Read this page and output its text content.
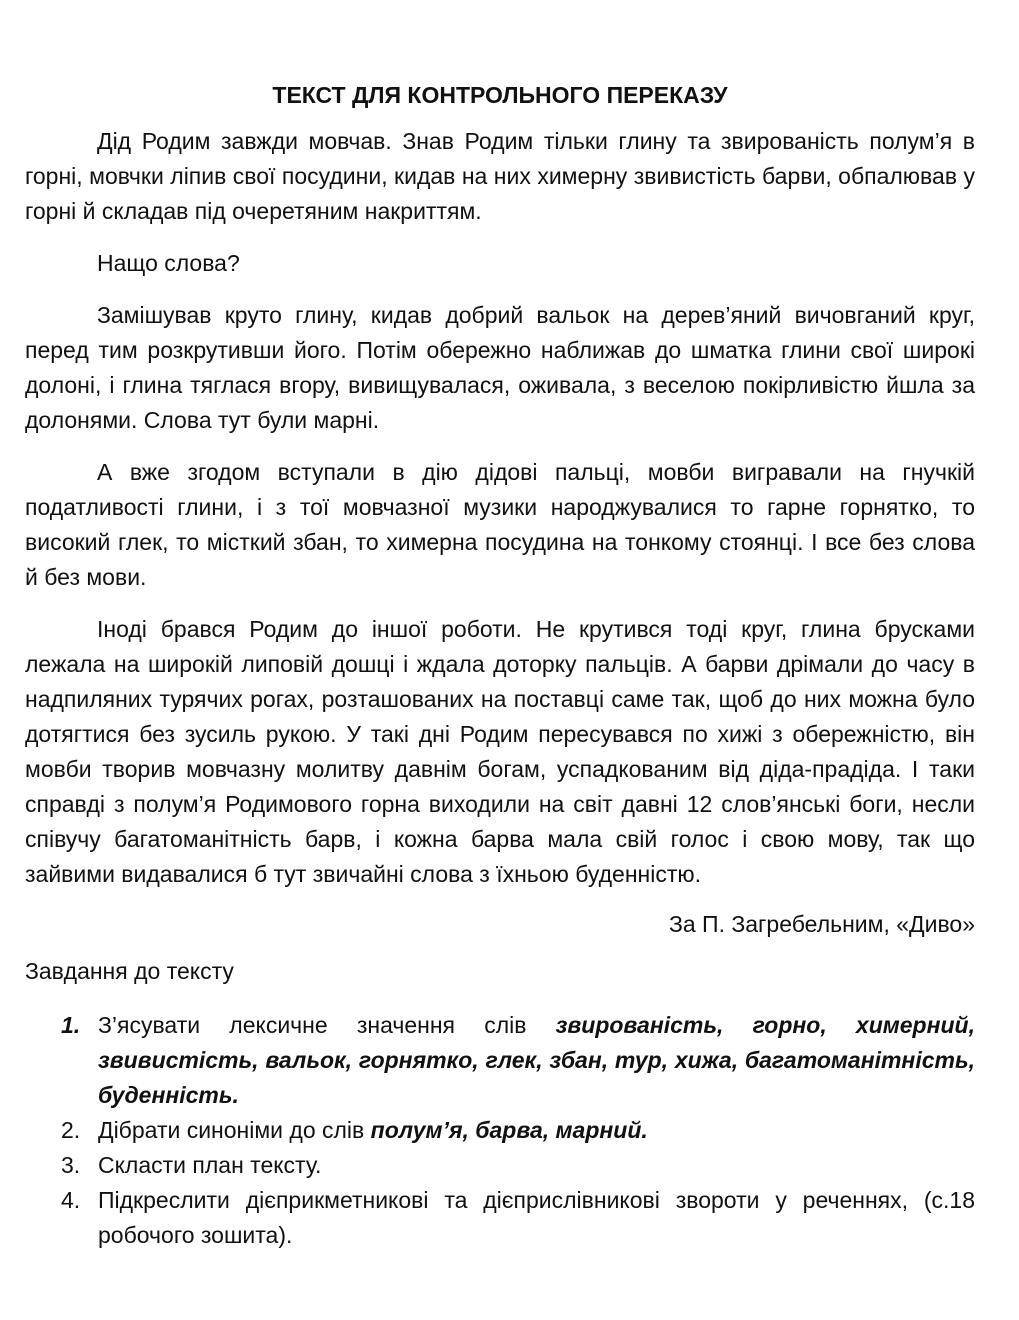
ТЕКСТ ДЛЯ КОНТРОЛЬНОГО ПЕРЕКАЗУ

Дід Родим завжди мовчав. Знав Родим тільки глину та звированість полум’я в горні, мовчки ліпив свої посудини, кидав на них химерну звивистість барви, обпалював у горні й складав під очеретяним накриттям.

Нащо слова?

Замішував круто глину, кидав добрий вальок на дерев’яний вичовганий круг, перед тим розкрутивши його. Потім обережно наближав до шматка глини свої широкі долоні, і глина тяглася вгору, вивищувалася, оживала, з веселою покірливістю йшла за долонями. Слова тут були марні.

А вже згодом вступали в дію дідові пальці, мовби вигравали на гнучкій податливості глини, і з тої мовчазної музики народжувалися то гарне горнятко, то високий глек, то місткий збан, то химерна посудина на тонкому стоянці. І все без слова й без мови.

Іноді брався Родим до іншої роботи. Не крутився тоді круг, глина брусками лежала на широкій липовій дошці і ждала доторку пальців. А барви дрімали до часу в надпиляних турячих рогах, розташованих на поставці саме так, щоб до них можна було дотягтися без зусиль рукою. У такі дні Родим пересувався по хижі з обережністю, він мовби творив мовчазну молитву давнім богам, успадкованим від діда-прадіда. І таки справді з полум’я Родимового горна виходили на світ давні 12 слов’янські боги, несли співучу багатоманітність барв, і кожна барва мала свій голос і свою мову, так що зайвими видавалися б тут звичайні слова з їхньою буденністю.

За П. Загребельним, «Диво»
Завдання до тексту
1. З’ясувати лексичне значення слів звированість, горно, химерний, звивистість, вальок, горнятко, глек, збан, тур, хижа, багатоманітність, буденність.
2. Дібрати синоніми до слів полум’я, барва, марний.
3. Скласти план тексту.
4. Підкреслити дієприкметникові та дієприслівникові звороти у реченнях, (с.18 робочого зошита).
